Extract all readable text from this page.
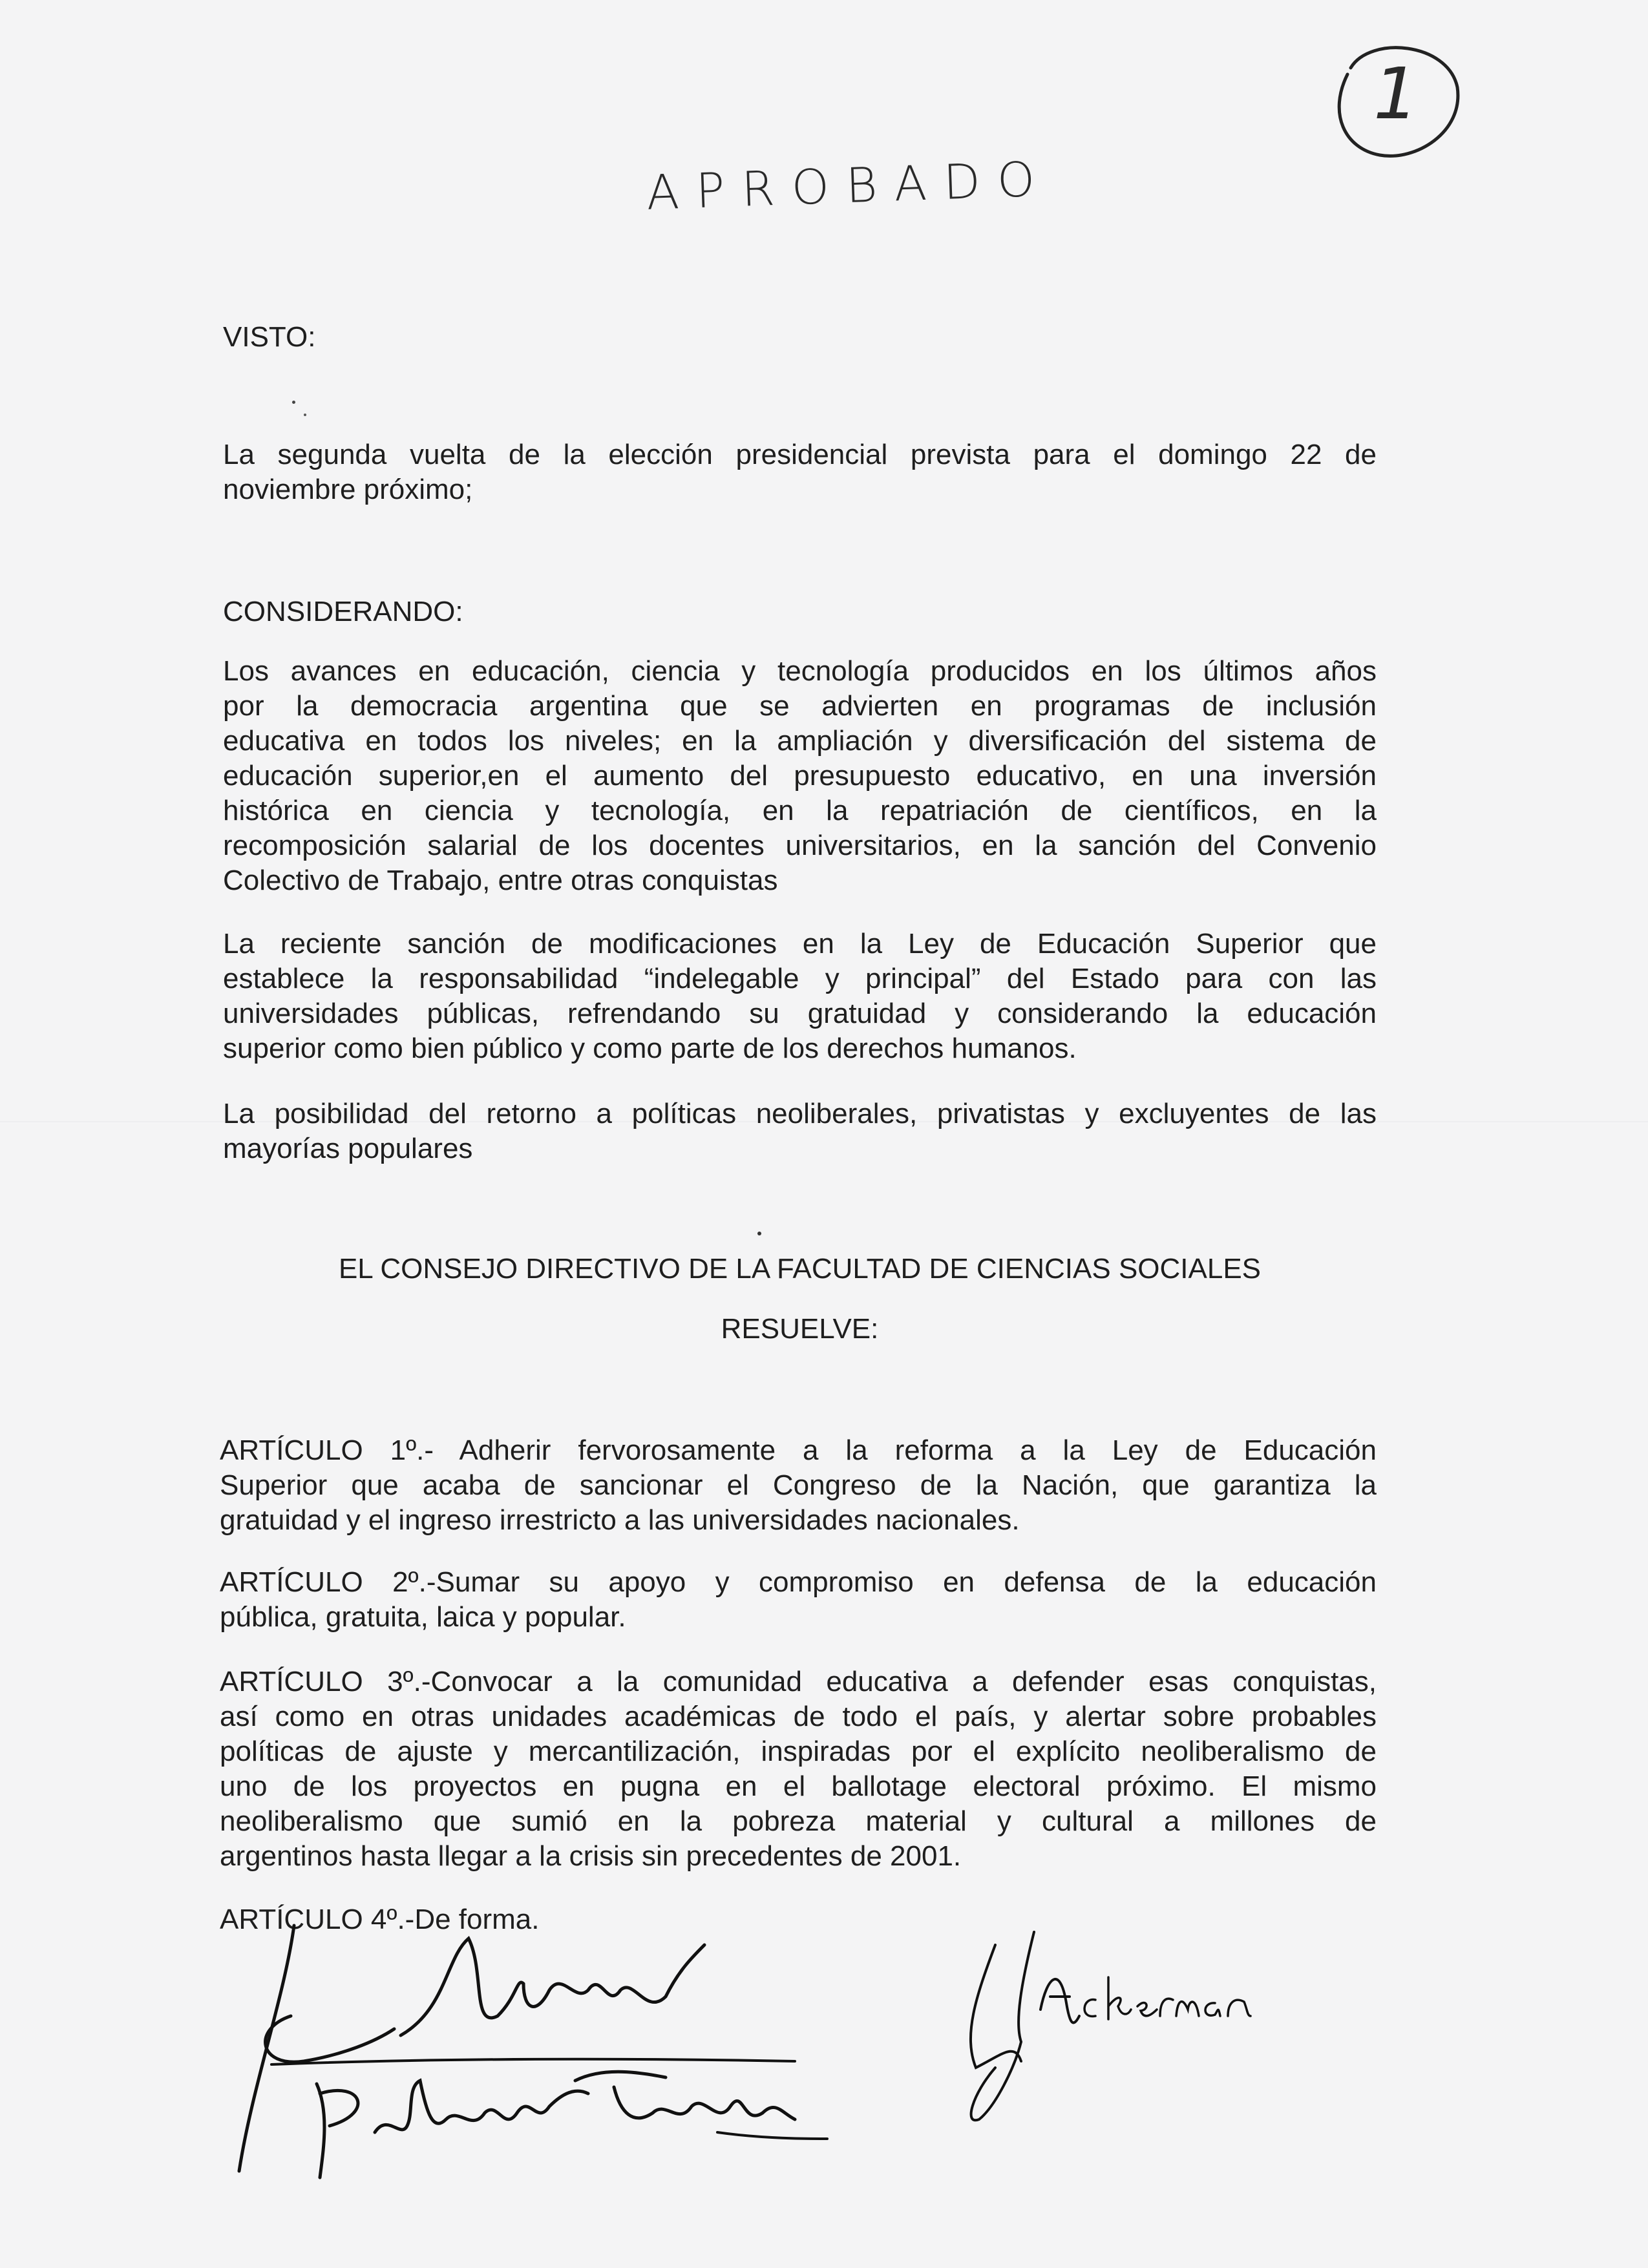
1
APROBADO
VISTO:
La segunda vuelta de la elección presidencial prevista para el domingo 22 de
noviembre próximo;
CONSIDERANDO:
Los avances en educación, ciencia y tecnología producidos en los últimos años
por la democracia argentina que se advierten en programas de inclusión
educativa en todos los niveles; en la ampliación y diversificación del sistema de
educación superior,en el aumento del presupuesto educativo, en una inversión
histórica en ciencia y tecnología, en la repatriación de científicos, en la
recomposición salarial de los docentes universitarios, en la sanción del Convenio
Colectivo de Trabajo, entre otras conquistas
La reciente sanción de modificaciones en la Ley de Educación Superior que
establece la responsabilidad “indelegable y principal” del Estado para con las
universidades públicas, refrendando su gratuidad y considerando la educación
superior como bien público y como parte de los derechos humanos.
La posibilidad del retorno a políticas neoliberales, privatistas y excluyentes de las
mayorías populares
EL CONSEJO DIRECTIVO DE LA FACULTAD DE CIENCIAS SOCIALES
RESUELVE:
ARTÍCULO 1º.- Adherir fervorosamente a la reforma a la Ley de Educación
Superior que acaba de sancionar el Congreso de la Nación, que garantiza la
gratuidad y el ingreso irrestricto a las universidades nacionales.
ARTÍCULO 2º.-Sumar su apoyo y compromiso en defensa de la educación
pública, gratuita, laica y popular.
ARTÍCULO 3º.-Convocar a la comunidad educativa a defender esas conquistas,
así como en otras unidades académicas de todo el país, y alertar sobre probables
políticas de ajuste y mercantilización, inspiradas por el explícito neoliberalismo de
uno de los proyectos en pugna en el ballotage electoral próximo. El mismo
neoliberalismo que sumió en la pobreza material y cultural a millones de
argentinos hasta llegar a la crisis sin precedentes de 2001.
ARTÍCULO 4º.-De forma.
